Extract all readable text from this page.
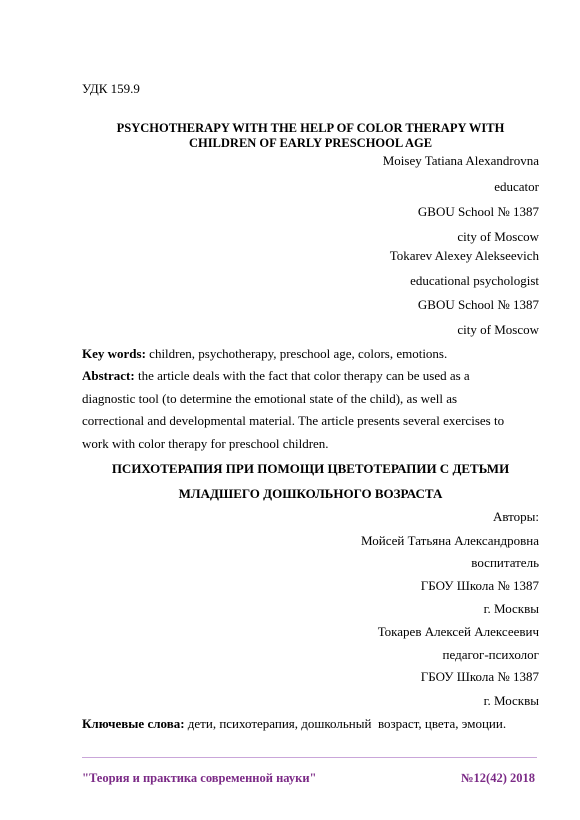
УДК 159.9
PSYCHOTHERAPY WITH THE HELP OF COLOR THERAPY WITH
CHILDREN OF EARLY PRESCHOOL AGE
Moisey Tatiana Alexandrovna
educator
GBOU School № 1387
city of Moscow
Tokarev Alexey Alekseevich
educational psychologist
GBOU School № 1387
city of Moscow
Key words: children, psychotherapy, preschool age, colors, emotions.
Abstract: the article deals with the fact that color therapy can be used as a
diagnostic tool (to determine the emotional state of the child), as well as
correctional and developmental material. The article presents several exercises to
work with color therapy for preschool children.
ПСИХОТЕРАПИЯ ПРИ ПОМОЩИ ЦВЕТОТЕРАПИИ С ДЕТЬМИ
МЛАДШЕГО ДОШКОЛЬНОГО ВОЗРАСТА
Авторы:
Мойсей Татьяна Александровна
воспитатель
ГБОУ Школа № 1387
г. Москвы
Токарев Алексей Алексеевич
педагог-психолог
ГБОУ Школа № 1387
г. Москвы
Ключевые слова: дети, психотерапия, дошкольный  возраст, цвета, эмоции.
"Теория и практика современной науки"	№12(42) 2018
